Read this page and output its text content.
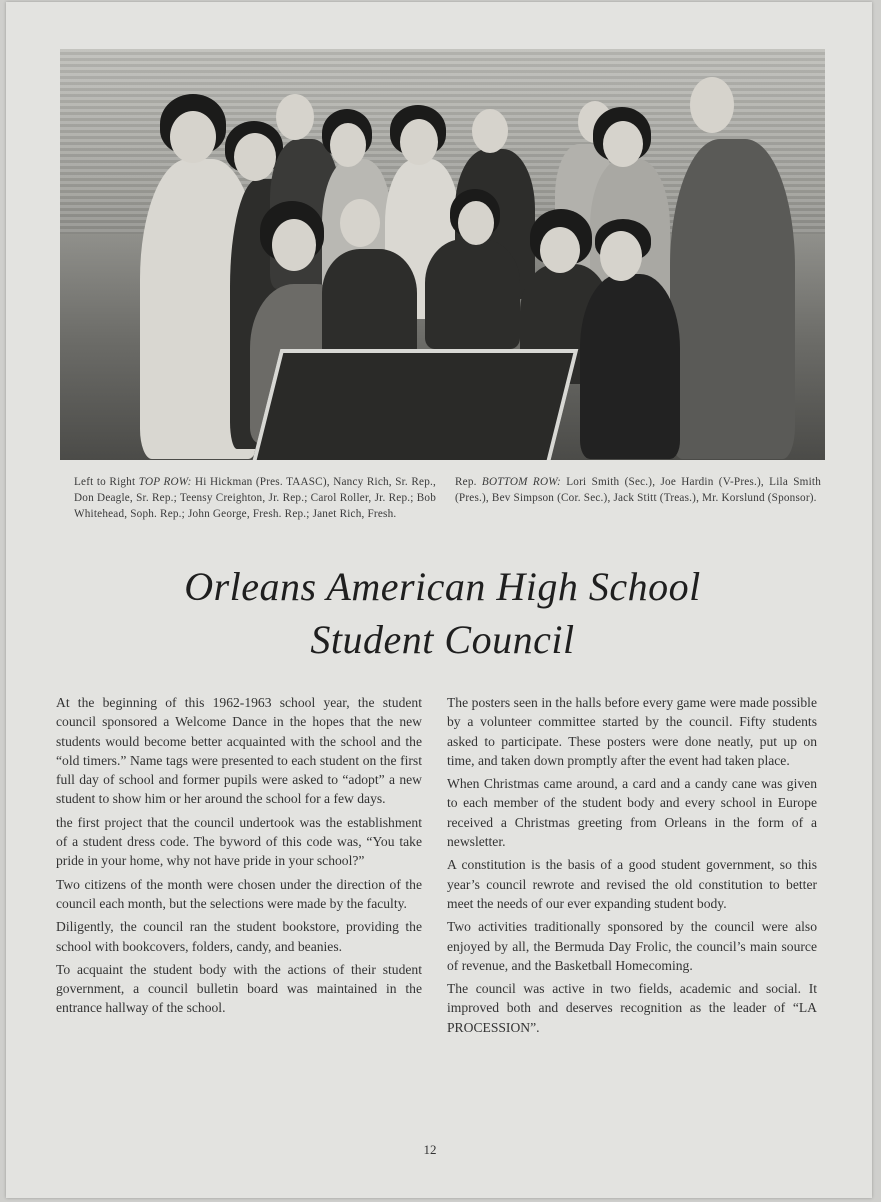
Left to Right TOP ROW: Hi Hickman (Pres. TAASC), Nancy Rich, Sr. Rep., Don Deagle, Sr. Rep.; Teensy Creighton, Jr. Rep.; Carol Roller, Jr. Rep.; Bob Whitehead, Soph. Rep.; John George, Fresh. Rep.; Janet Rich, Fresh.
Rep. BOTTOM ROW: Lori Smith (Sec.), Joe Hardin (V-Pres.), Lila Smith (Pres.), Bev Simpson (Cor. Sec.), Jack Stitt (Treas.), Mr. Korslund (Sponsor).
Orleans American High School
Student Council

At the beginning of this 1962-1963 school year, the student council sponsored a Welcome Dance in the hopes that the new students would become better acquainted with the school and the “old timers.” Name tags were presented to each student on the first full day of school and former pupils were asked to “adopt” a new student to show him or her around the school for a few days.

the first project that the council undertook was the establishment of a student dress code. The byword of this code was, “You take pride in your home, why not have pride in your school?”

Two citizens of the month were chosen under the direction of the council each month, but the selections were made by the faculty.

Diligently, the council ran the student bookstore, providing the school with bookcovers, folders, candy, and beanies.

To acquaint the student body with the actions of their student government, a council bulletin board was maintained in the entrance hallway of the school.

The posters seen in the halls before every game were made possible by a volunteer committee started by the council. Fifty students asked to participate. These posters were done neatly, put up on time, and taken down promptly after the event had taken place.

When Christmas came around, a card and a candy cane was given to each member of the student body and every school in Europe received a Christmas greeting from Orleans in the form of a newsletter.

A constitution is the basis of a good student government, so this year’s council rewrote and revised the old constitution to better meet the needs of our ever expanding student body.

Two activities traditionally sponsored by the council were also enjoyed by all, the Bermuda Day Frolic, the council’s main source of revenue, and the Basketball Homecoming.

The council was active in two fields, academic and social. It improved both and deserves recognition as the leader of “LA PROCESSION”.

12
